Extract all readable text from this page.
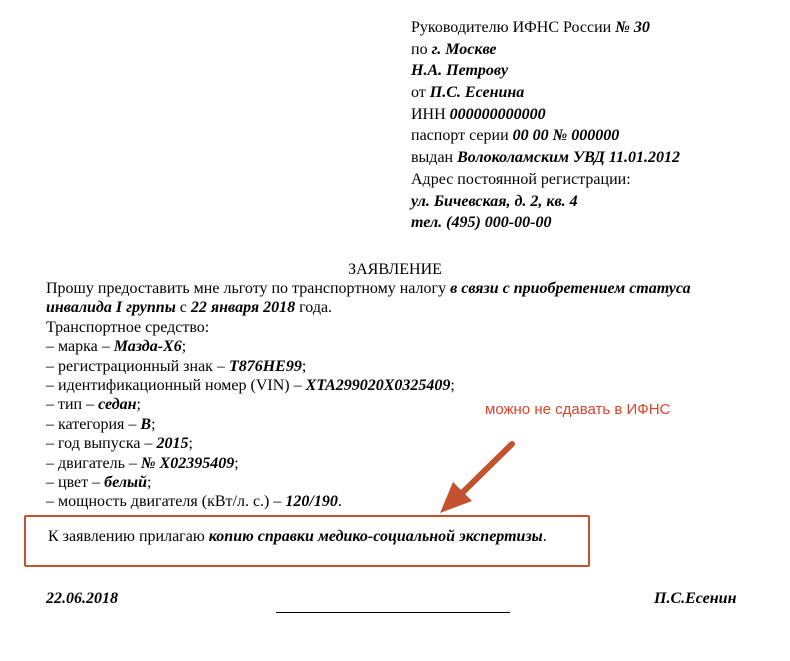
Руководителю ИФНС России № 30
по г. Москве
Н.А. Петрову
от П.С. Есенина
ИНН 000000000000
паспорт серии 00 00 № 000000
выдан Волоколамским УВД 11.01.2012
Адрес постоянной регистрации:
ул. Бичевская, д. 2, кв. 4
тел. (495) 000-00-00
ЗАЯВЛЕНИЕ
Прошу предоставить мне льготу по транспортному налогу в связи с приобретением статуса
инвалида I группы с 22 января 2018 года.
Транспортное средство:
– марка – Мазда-Х6;
– регистрационный знак – Т876НЕ99;
– идентификационный номер (VIN) – ХТА299020Х0325409;
– тип – седан;
– категория – В;
– год выпуска – 2015;
– двигатель – № Х02395409;
– цвет – белый;
– мощность двигателя (кВт/л. с.) – 120/190.
можно не сдавать в ИФНС
К заявлению прилагаю копию справки медико-социальной экспертизы.
22.06.2018	П.С.Есенин
